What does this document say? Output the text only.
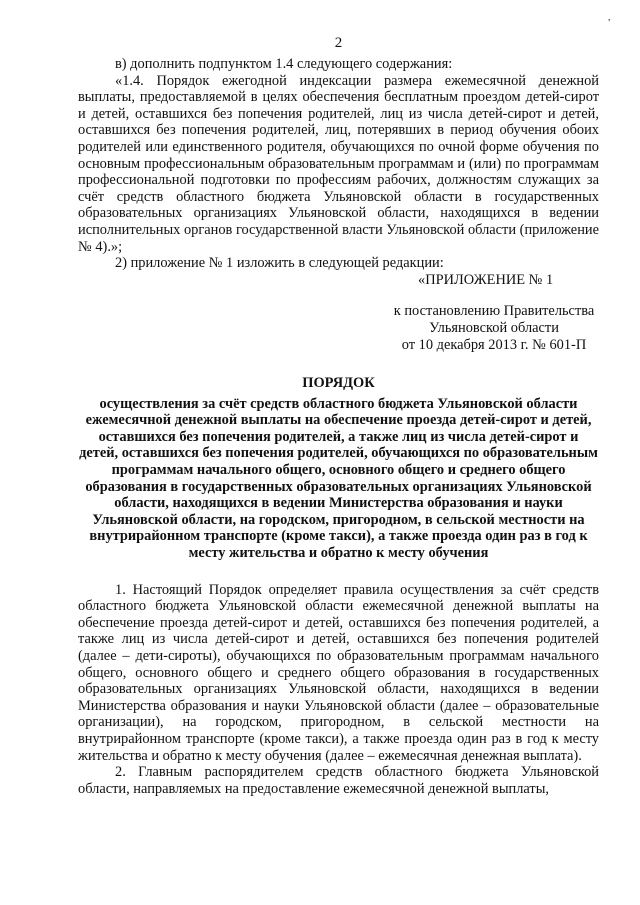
'
2

в) дополнить подпунктом 1.4 следующего содержания:

«1.4. Порядок ежегодной индексации размера ежемесячной денежной выплаты, предоставляемой в целях обеспечения бесплатным проездом детей-сирот и детей, оставшихся без попечения родителей, лиц из числа детей-сирот и детей, оставшихся без попечения родителей, лиц, потерявших в период обучения обоих родителей или единственного родителя, обучающихся по очной форме обучения по основным профессиональным образовательным программам и (или) по программам профессиональной подготовки по профессиям рабочих, должностям служащих за счёт средств областного бюджета Ульяновской области в государственных образовательных организациях Ульяновской области, находящихся в ведении исполнительных органов государственной власти Ульяновской области (приложение № 4).»;

2) приложение № 1 изложить в следующей редакции:

«ПРИЛОЖЕНИЕ № 1
к постановлению Правительства
Ульяновской области
от 10 декабря 2013 г. № 601-П
ПОРЯДОК
осуществления за счёт средств областного бюджета Ульяновской области ежемесячной денежной выплаты на обеспечение проезда детей-сирот и детей, оставшихся без попечения родителей, а также лиц из числа детей-сирот и детей, оставшихся без попечения родителей, обучающихся по образовательным программам начального общего, основного общего и среднего общего образования в государственных образовательных организациях Ульяновской области, находящихся в ведении Министерства образования и науки Ульяновской области, на городском, пригородном, в сельской местности на внутрирайонном транспорте (кроме такси), а также проезда один раз в год к месту жительства и обратно к месту обучения

1. Настоящий Порядок определяет правила осуществления за счёт средств областного бюджета Ульяновской области ежемесячной денежной выплаты на обеспечение проезда детей-сирот и детей, оставшихся без попечения родителей, а также лиц из числа детей-сирот и детей, оставшихся без попечения родителей (далее – дети-сироты), обучающихся по образовательным программам начального общего, основного общего и среднего общего образования в государственных образовательных организациях Ульяновской области, находящихся в ведении Министерства образования и науки Ульяновской области (далее – образовательные организации), на городском, пригородном, в сельской местности на внутрирайонном транспорте (кроме такси), а также проезда один раз в год к месту жительства и обратно к месту обучения (далее – ежемесячная денежная выплата).

2. Главным распорядителем средств областного бюджета Ульяновской области, направляемых на предоставление ежемесячной денежной выплаты,
